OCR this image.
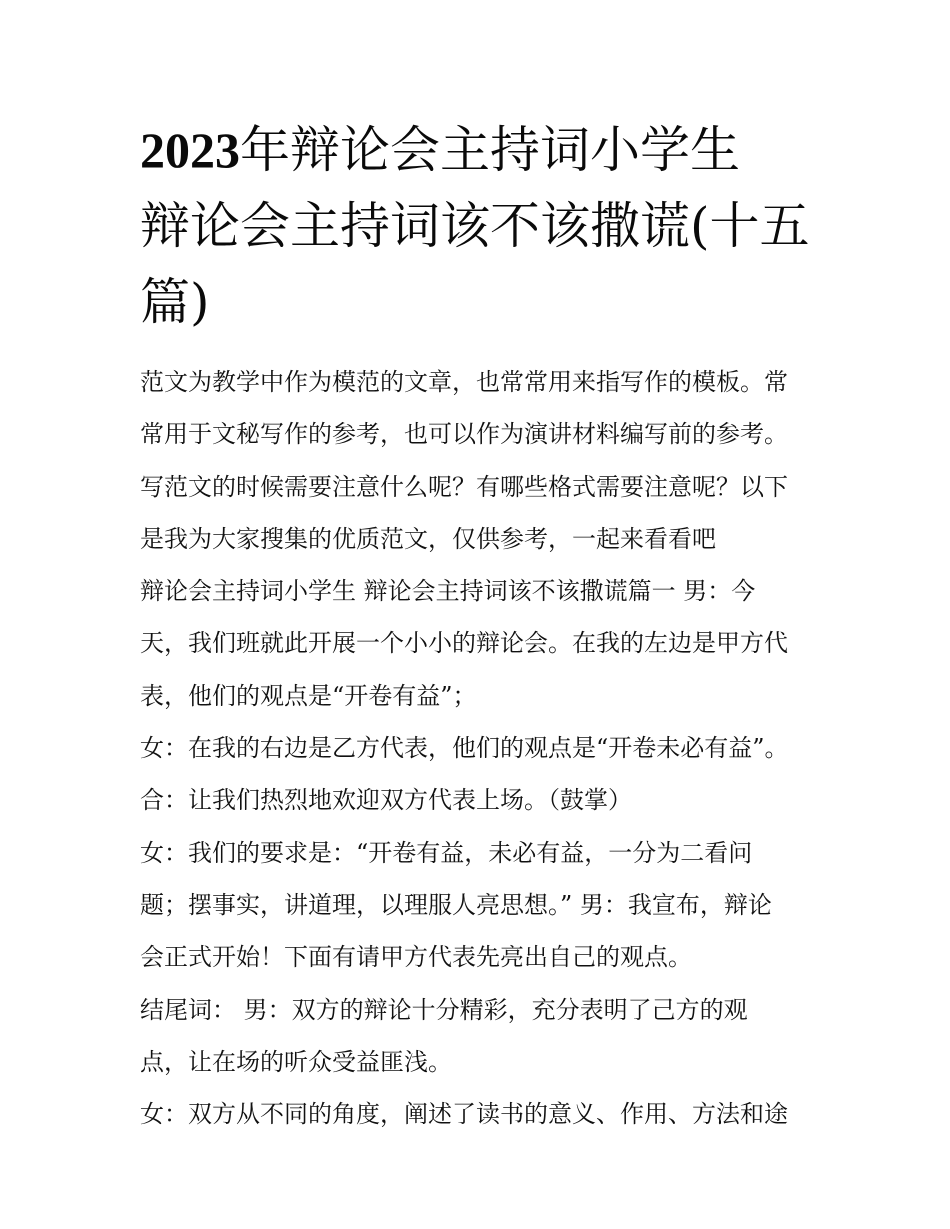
2023年辩论会主持词小学生
辩论会主持词该不该撒谎(十五
篇)
范文为教学中作为模范的文章，也常常用来指写作的模板。常
常用于文秘写作的参考，也可以作为演讲材料编写前的参考。
写范文的时候需要注意什么呢？有哪些格式需要注意呢？以下
是我为大家搜集的优质范文，仅供参考，一起来看看吧
辩论会主持词小学生 辩论会主持词该不该撒谎篇一 男：今
天，我们班就此开展一个小小的辩论会。在我的左边是甲方代
表，他们的观点是“开卷有益”；
女：在我的右边是乙方代表，他们的观点是“开卷未必有益”。
合：让我们热烈地欢迎双方代表上场。（鼓掌）
女：我们的要求是：“开卷有益，未必有益，一分为二看问
题；摆事实，讲道理，以理服人亮思想。” 男：我宣布，辩论
会正式开始！下面有请甲方代表先亮出自己的观点。
结尾词： 男：双方的辩论十分精彩，充分表明了己方的观
点，让在场的听众受益匪浅。
女：双方从不同的角度，阐述了读书的意义、作用、方法和途
